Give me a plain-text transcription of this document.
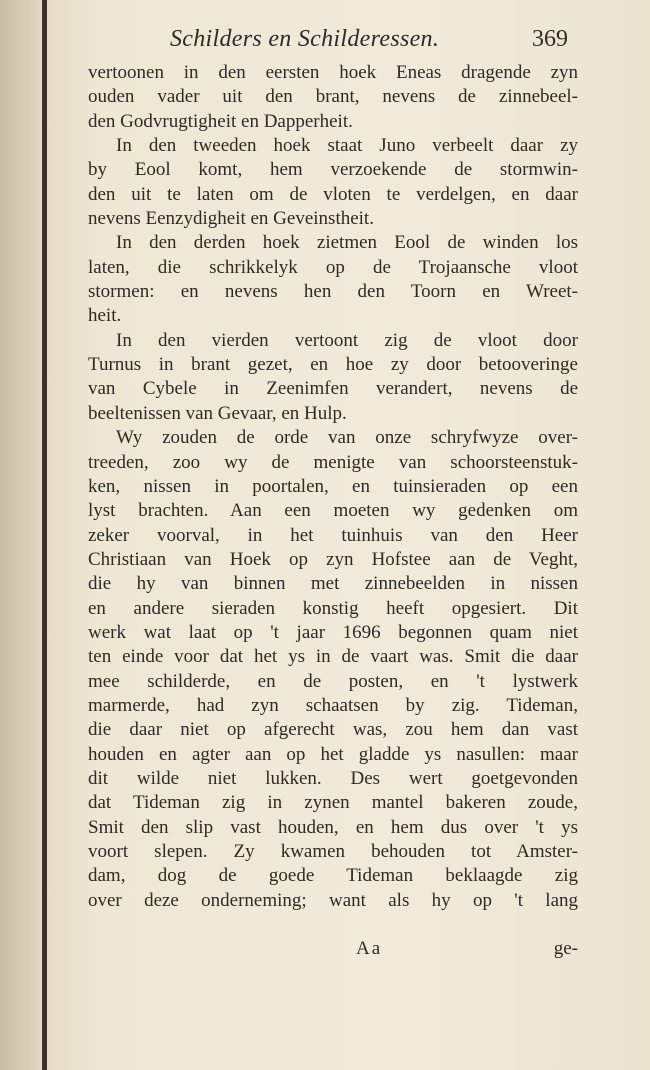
Schilders en Schilderessen.	369
vertoonen in den eersten hoek Eneas dragende zyn
ouden vader uit den brant, nevens de zinnebeel-
den Godvrugtigheit en Dapperheit.
In den tweeden hoek staat Juno verbeelt daar zy
by Eool komt, hem verzoekende de stormwin-
den uit te laten om de vloten te verdelgen, en daar
nevens Eenzydigheit en Geveinstheit.
In den derden hoek zietmen Eool de winden los
laten, die schrikkelyk op de Trojaansche vloot
stormen: en nevens hen den Toorn en Wreet-
heit.
In den vierden vertoont zig de vloot door
Turnus in brant gezet, en hoe zy door betooveringe
van Cybele in Zeenimfen verandert, nevens de
beeltenissen van Gevaar, en Hulp.
Wy zouden de orde van onze schryfwyze over-
treeden, zoo wy de menigte van schoorsteenstuk-
ken, nissen in poortalen, en tuinsieraden op een
lyst brachten. Aan een moeten wy gedenken om
zeker voorval, in het tuinhuis van den Heer
Christiaan van Hoek op zyn Hofstee aan de Veght,
die hy van binnen met zinnebeelden in nissen
en andere sieraden konstig heeft opgesiert. Dit
werk wat laat op 't jaar 1696 begonnen quam niet
ten einde voor dat het ys in de vaart was. Smit die daar
mee schilderde, en de posten, en 't lystwerk
marmerde, had zyn schaatsen by zig. Tideman,
die daar niet op afgerecht was, zou hem dan vast
houden en agter aan op het gladde ys nasullen: maar
dit wilde niet lukken. Des wert goetgevonden
dat Tideman zig in zynen mantel bakeren zoude,
Smit den slip vast houden, en hem dus over 't ys
voort slepen. Zy kwamen behouden tot Amster-
dam, dog de goede Tideman beklaagde zig
over deze onderneming; want als hy op 't lang
Aa	ge-
